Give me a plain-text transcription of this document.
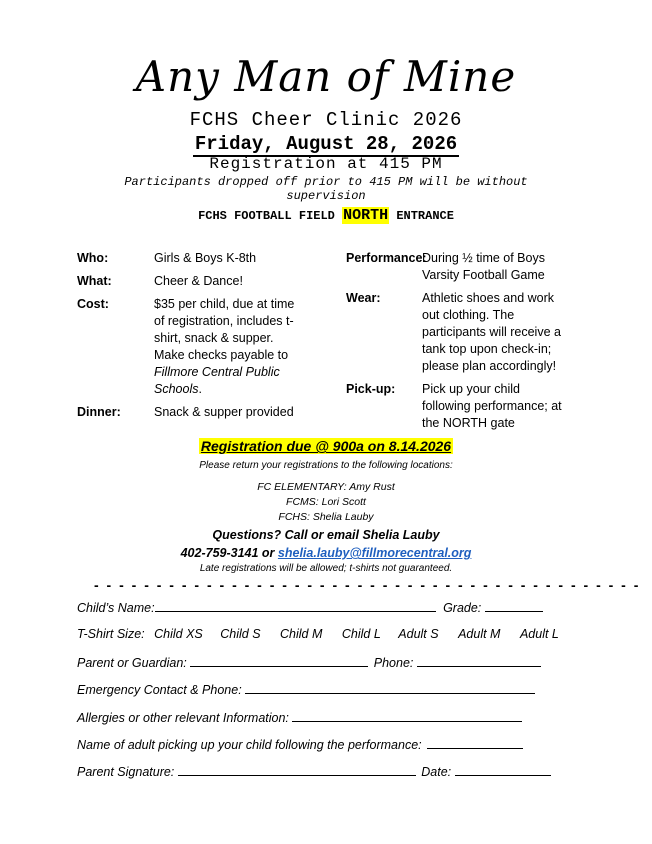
Any Man of Mine
FCHS Cheer Clinic 2026
Friday, August 28, 2026
Registration at 415 PM
Participants dropped off prior to 415 PM will be without
supervision
FCHS FOOTBALL FIELD NORTH ENTRANCE
Who:	Girls & Boys K-8th
What:	Cheer & Dance!
Cost:	$35 per child, due at time
of registration, includes t-
shirt, snack & supper.
Make checks payable to
Fillmore Central Public
Schools.
Dinner:	Snack & supper provided
Performance:
During ½ time of Boys
Varsity Football Game
Wear:	Athletic shoes and work
out clothing. The
participants will receive a
tank top upon check-in;
please plan accordingly!
Pick-up: Pick up your child
following performance; at
the NORTH gate
Registration due @ 900a on 8.14.2026
Please return your registrations to the following locations:
FC ELEMENTARY: Amy Rust
FCMS: Lori Scott
FCHS: Shelia Lauby
Questions? Call or email Shelia Lauby
402-759-3141 or shelia.lauby@fillmorecentral.org
Late registrations will be allowed; t-shirts not guaranteed.
- - - - - - - - - - - - - - - - - - - - - - - - - - - - - - - - - - - - - - - - - - - -
Child’s Name:	Grade:
T-Shirt Size: Child XS Child S Child M Child L Adult S Adult M Adult L
Parent or Guardian:	Phone:
Emergency Contact & Phone:
Allergies or other relevant Information:
Name of adult picking up your child following the performance:
Parent Signature:	Date:
